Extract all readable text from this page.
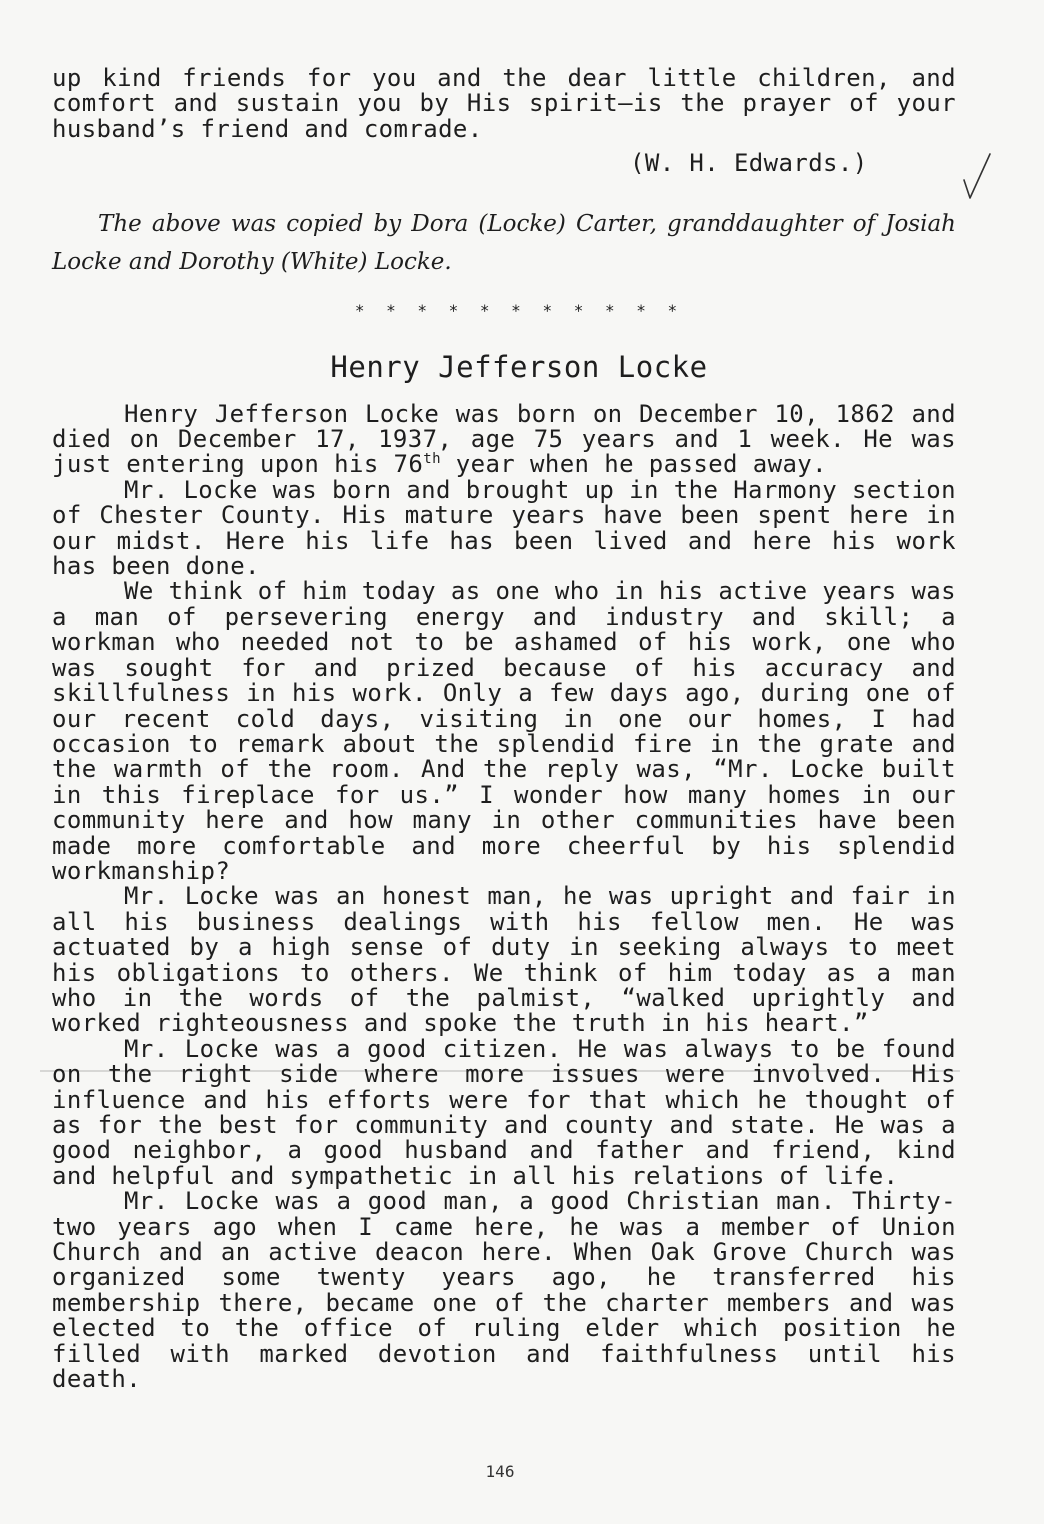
up kind friends for you and the dear little children, and comfort and sustain you by His spirit—is the prayer of your husband’s friend and comrade.

(W. H. Edwards.)

The above was copied by Dora (Locke) Carter, granddaughter of Josiah Locke and Dorothy (White) Locke.

* * * * * * * * * * *

Henry Jefferson Locke

Henry Jefferson Locke was born on December 10, 1862 and died on December 17, 1937, age 75 years and 1 week. He was just entering upon his 76th year when he passed away.

Mr. Locke was born and brought up in the Harmony section of Chester County. His mature years have been spent here in our midst. Here his life has been lived and here his work has been done.

We think of him today as one who in his active years was a man of persevering energy and industry and skill; a workman who needed not to be ashamed of his work, one who was sought for and prized because of his accuracy and skillfulness in his work. Only a few days ago, during one of our recent cold days, visiting in one our homes, I had occasion to remark about the splendid fire in the grate and the warmth of the room. And the reply was, “Mr. Locke built in this fireplace for us.” I wonder how many homes in our community here and how many in other communities have been made more comfortable and more cheerful by his splendid workmanship?

Mr. Locke was an honest man, he was upright and fair in all his business dealings with his fellow men. He was actuated by a high sense of duty in seeking always to meet his obligations to others. We think of him today as a man who in the words of the palmist, “walked uprightly and worked righteousness and spoke the truth in his heart.”

Mr. Locke was a good citizen. He was always to be found on the right side where more issues were involved. His influence and his efforts were for that which he thought of as for the best for community and county and state. He was a good neighbor, a good husband and father and friend, kind and helpful and sympathetic in all his relations of life.

Mr. Locke was a good man, a good Christian man. Thirty-two years ago when I came here, he was a member of Union Church and an active deacon here. When Oak Grove Church was organized some twenty years ago, he transferred his membership there, became one of the charter members and was elected to the office of ruling elder which position he filled with marked devotion and faithfulness until his death.

146
